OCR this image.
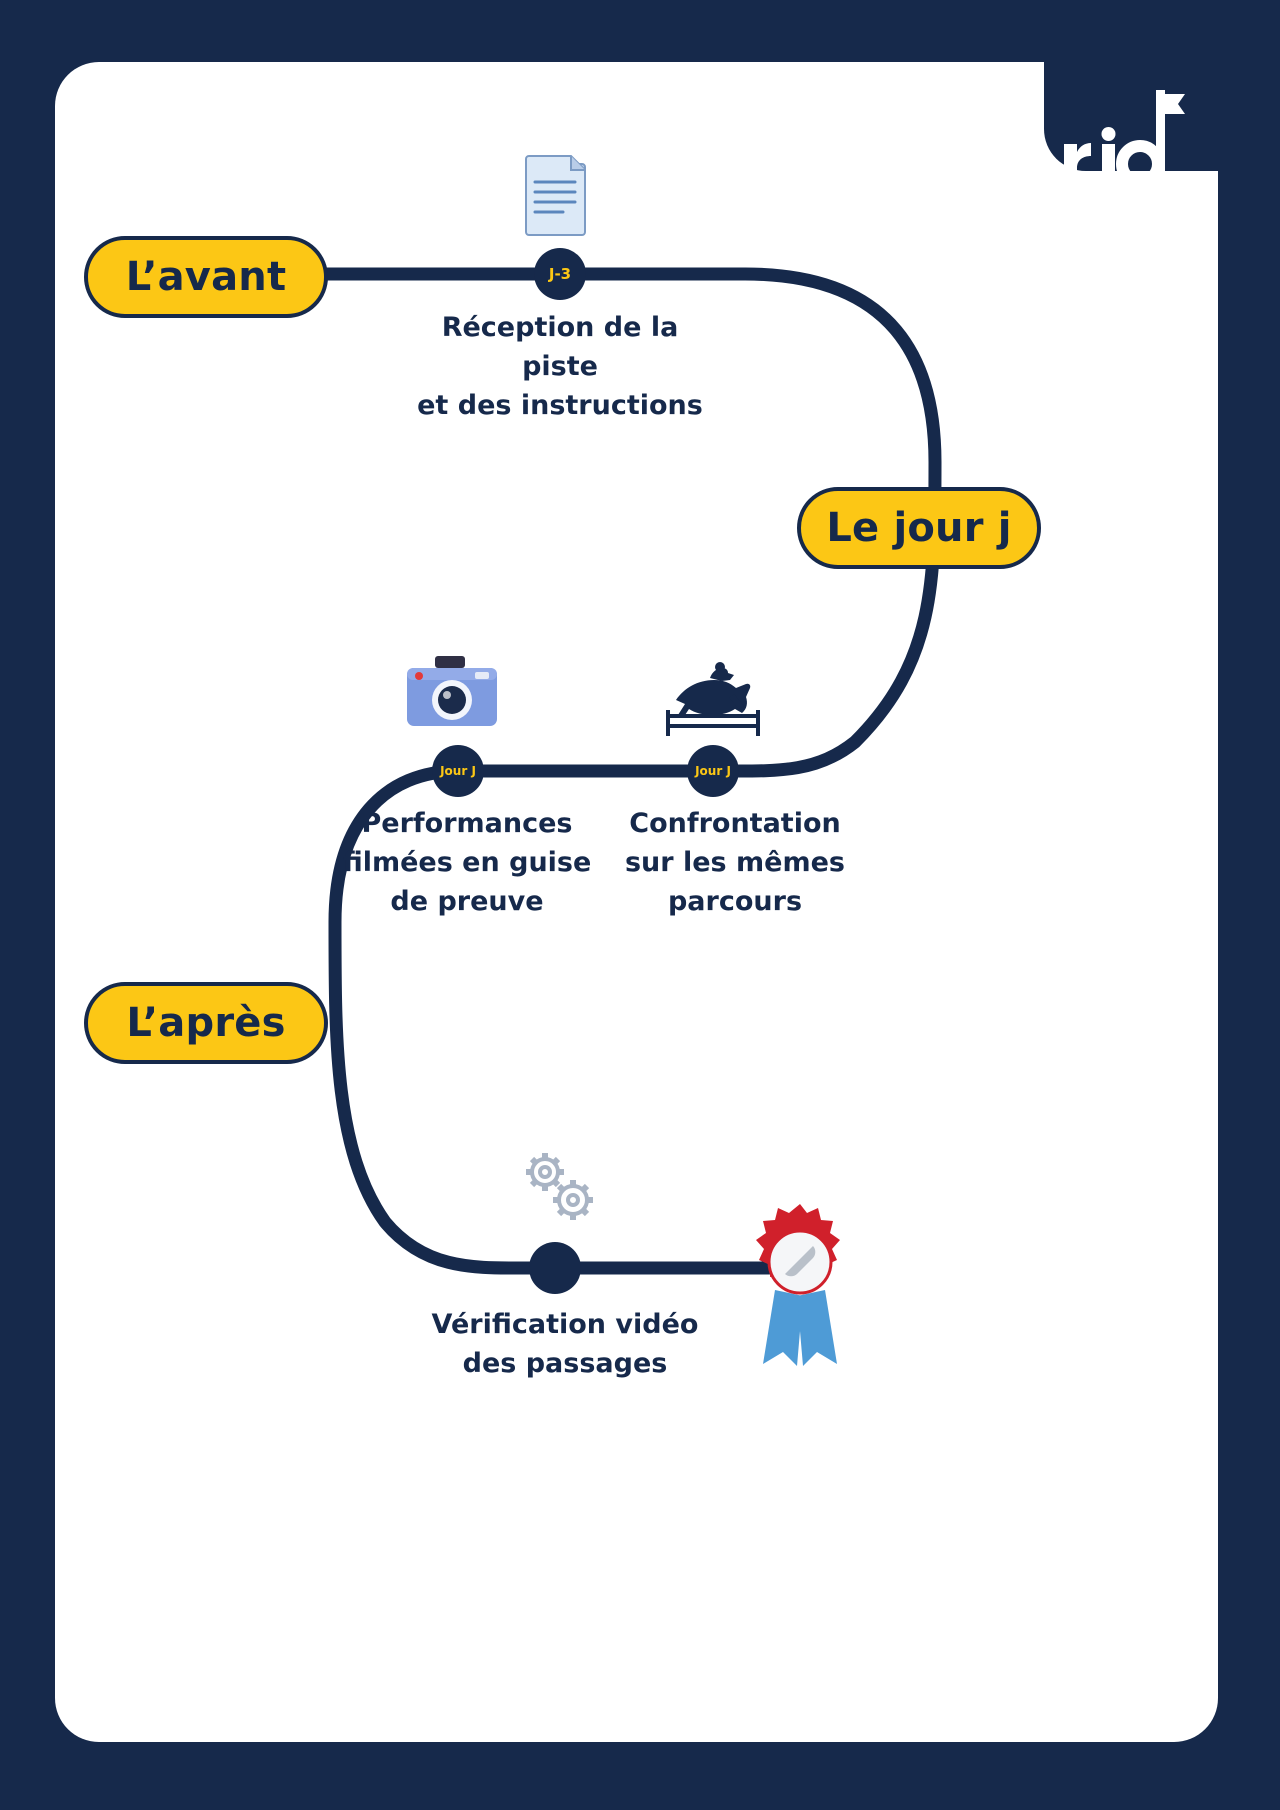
L’avant
Le jour j
L’après
J-3
Jour J	Jour J
Réception de la
piste
et des instructions
Performances
filmées en guise
de preuve
Confrontation
sur les mêmes
parcours
Vérification vidéo
des passages
